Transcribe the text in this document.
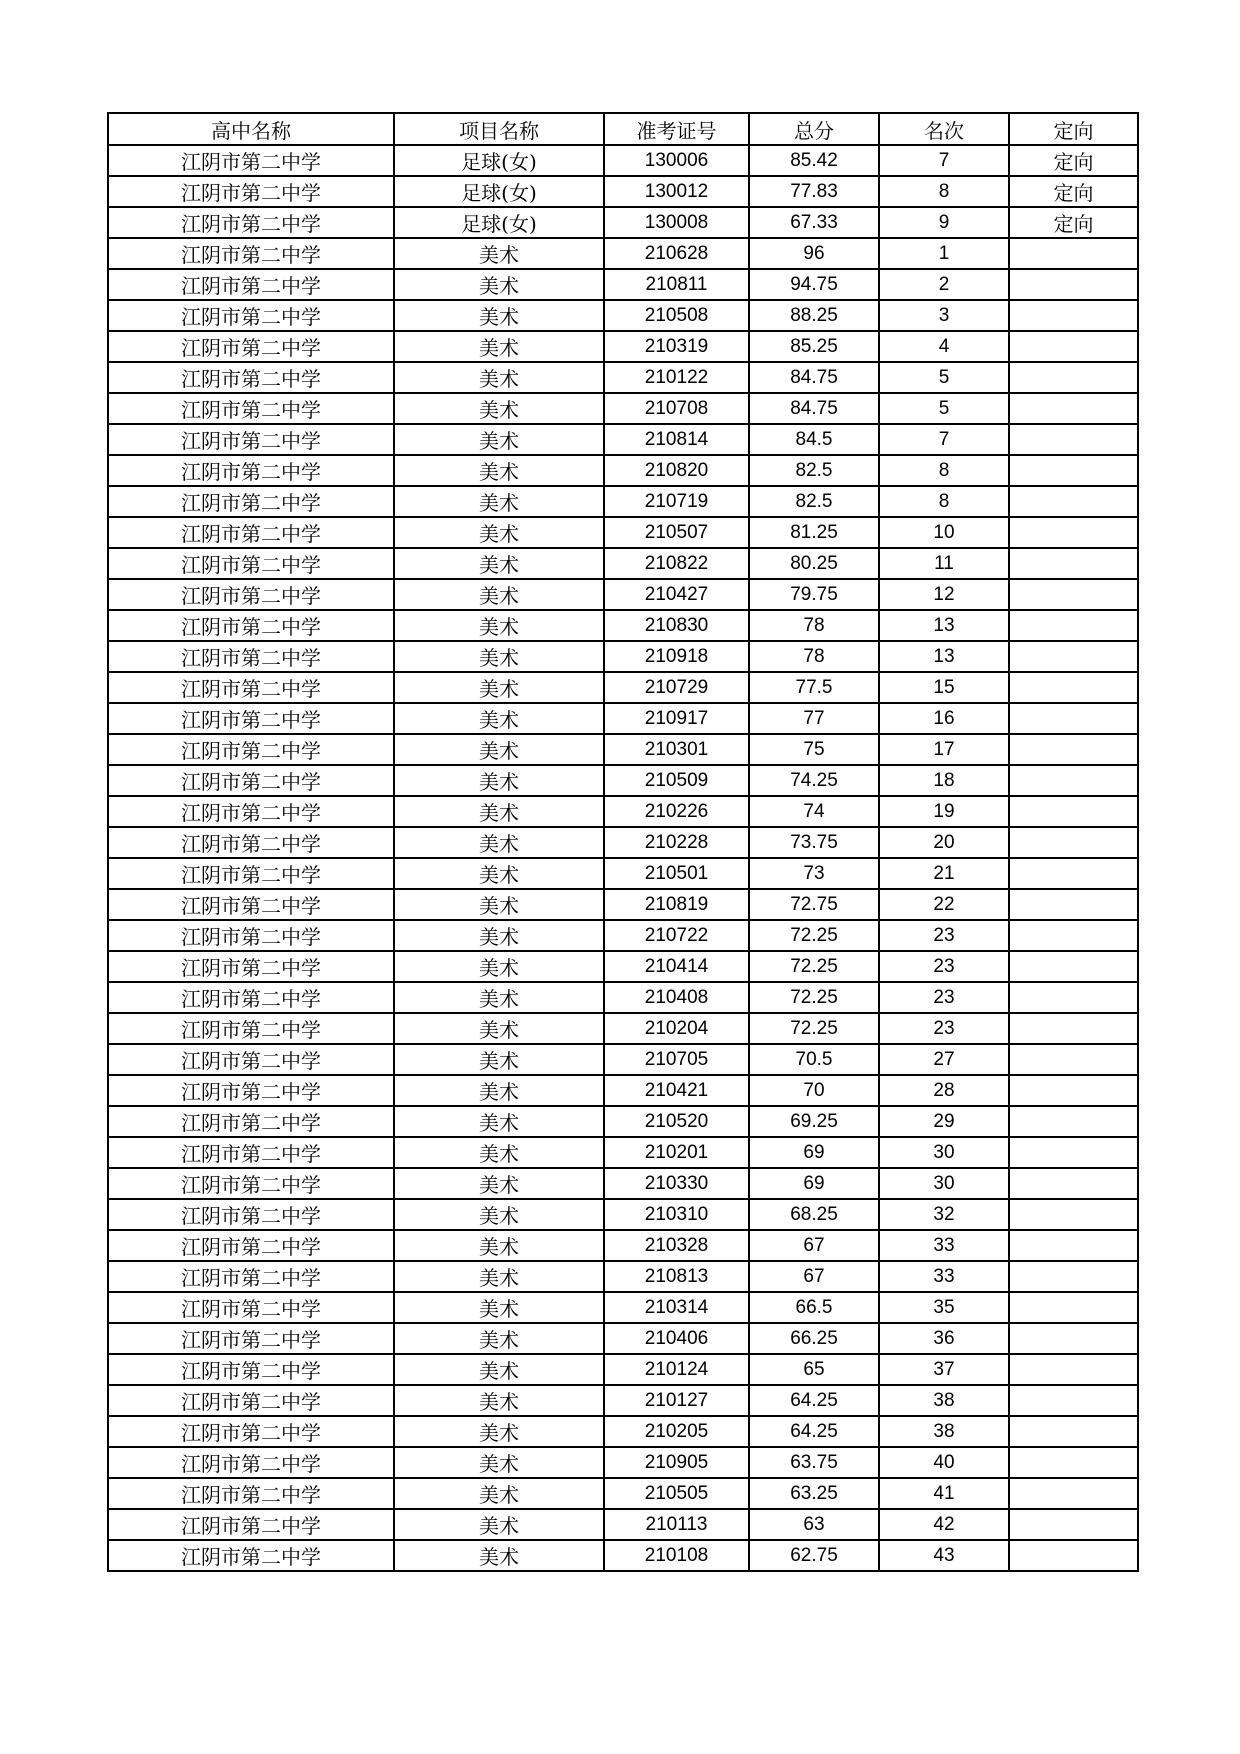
高中名称	项目名称	准考证号	总分	名次	定向
江阴市第二中学	足球(女)	130006	85.42	7	定向
江阴市第二中学	足球(女)	130012	77.83	8	定向
江阴市第二中学	足球(女)	130008	67.33	9	定向
江阴市第二中学	美术	210628	96	1	
江阴市第二中学	美术	210811	94.75	2	
江阴市第二中学	美术	210508	88.25	3	
江阴市第二中学	美术	210319	85.25	4	
江阴市第二中学	美术	210122	84.75	5	
江阴市第二中学	美术	210708	84.75	5	
江阴市第二中学	美术	210814	84.5	7	
江阴市第二中学	美术	210820	82.5	8	
江阴市第二中学	美术	210719	82.5	8	
江阴市第二中学	美术	210507	81.25	10	
江阴市第二中学	美术	210822	80.25	11	
江阴市第二中学	美术	210427	79.75	12	
江阴市第二中学	美术	210830	78	13	
江阴市第二中学	美术	210918	78	13	
江阴市第二中学	美术	210729	77.5	15	
江阴市第二中学	美术	210917	77	16	
江阴市第二中学	美术	210301	75	17	
江阴市第二中学	美术	210509	74.25	18	
江阴市第二中学	美术	210226	74	19	
江阴市第二中学	美术	210228	73.75	20	
江阴市第二中学	美术	210501	73	21	
江阴市第二中学	美术	210819	72.75	22	
江阴市第二中学	美术	210722	72.25	23	
江阴市第二中学	美术	210414	72.25	23	
江阴市第二中学	美术	210408	72.25	23	
江阴市第二中学	美术	210204	72.25	23	
江阴市第二中学	美术	210705	70.5	27	
江阴市第二中学	美术	210421	70	28	
江阴市第二中学	美术	210520	69.25	29	
江阴市第二中学	美术	210201	69	30	
江阴市第二中学	美术	210330	69	30	
江阴市第二中学	美术	210310	68.25	32	
江阴市第二中学	美术	210328	67	33	
江阴市第二中学	美术	210813	67	33	
江阴市第二中学	美术	210314	66.5	35	
江阴市第二中学	美术	210406	66.25	36	
江阴市第二中学	美术	210124	65	37	
江阴市第二中学	美术	210127	64.25	38	
江阴市第二中学	美术	210205	64.25	38	
江阴市第二中学	美术	210905	63.75	40	
江阴市第二中学	美术	210505	63.25	41	
江阴市第二中学	美术	210113	63	42	
江阴市第二中学	美术	210108	62.75	43	
